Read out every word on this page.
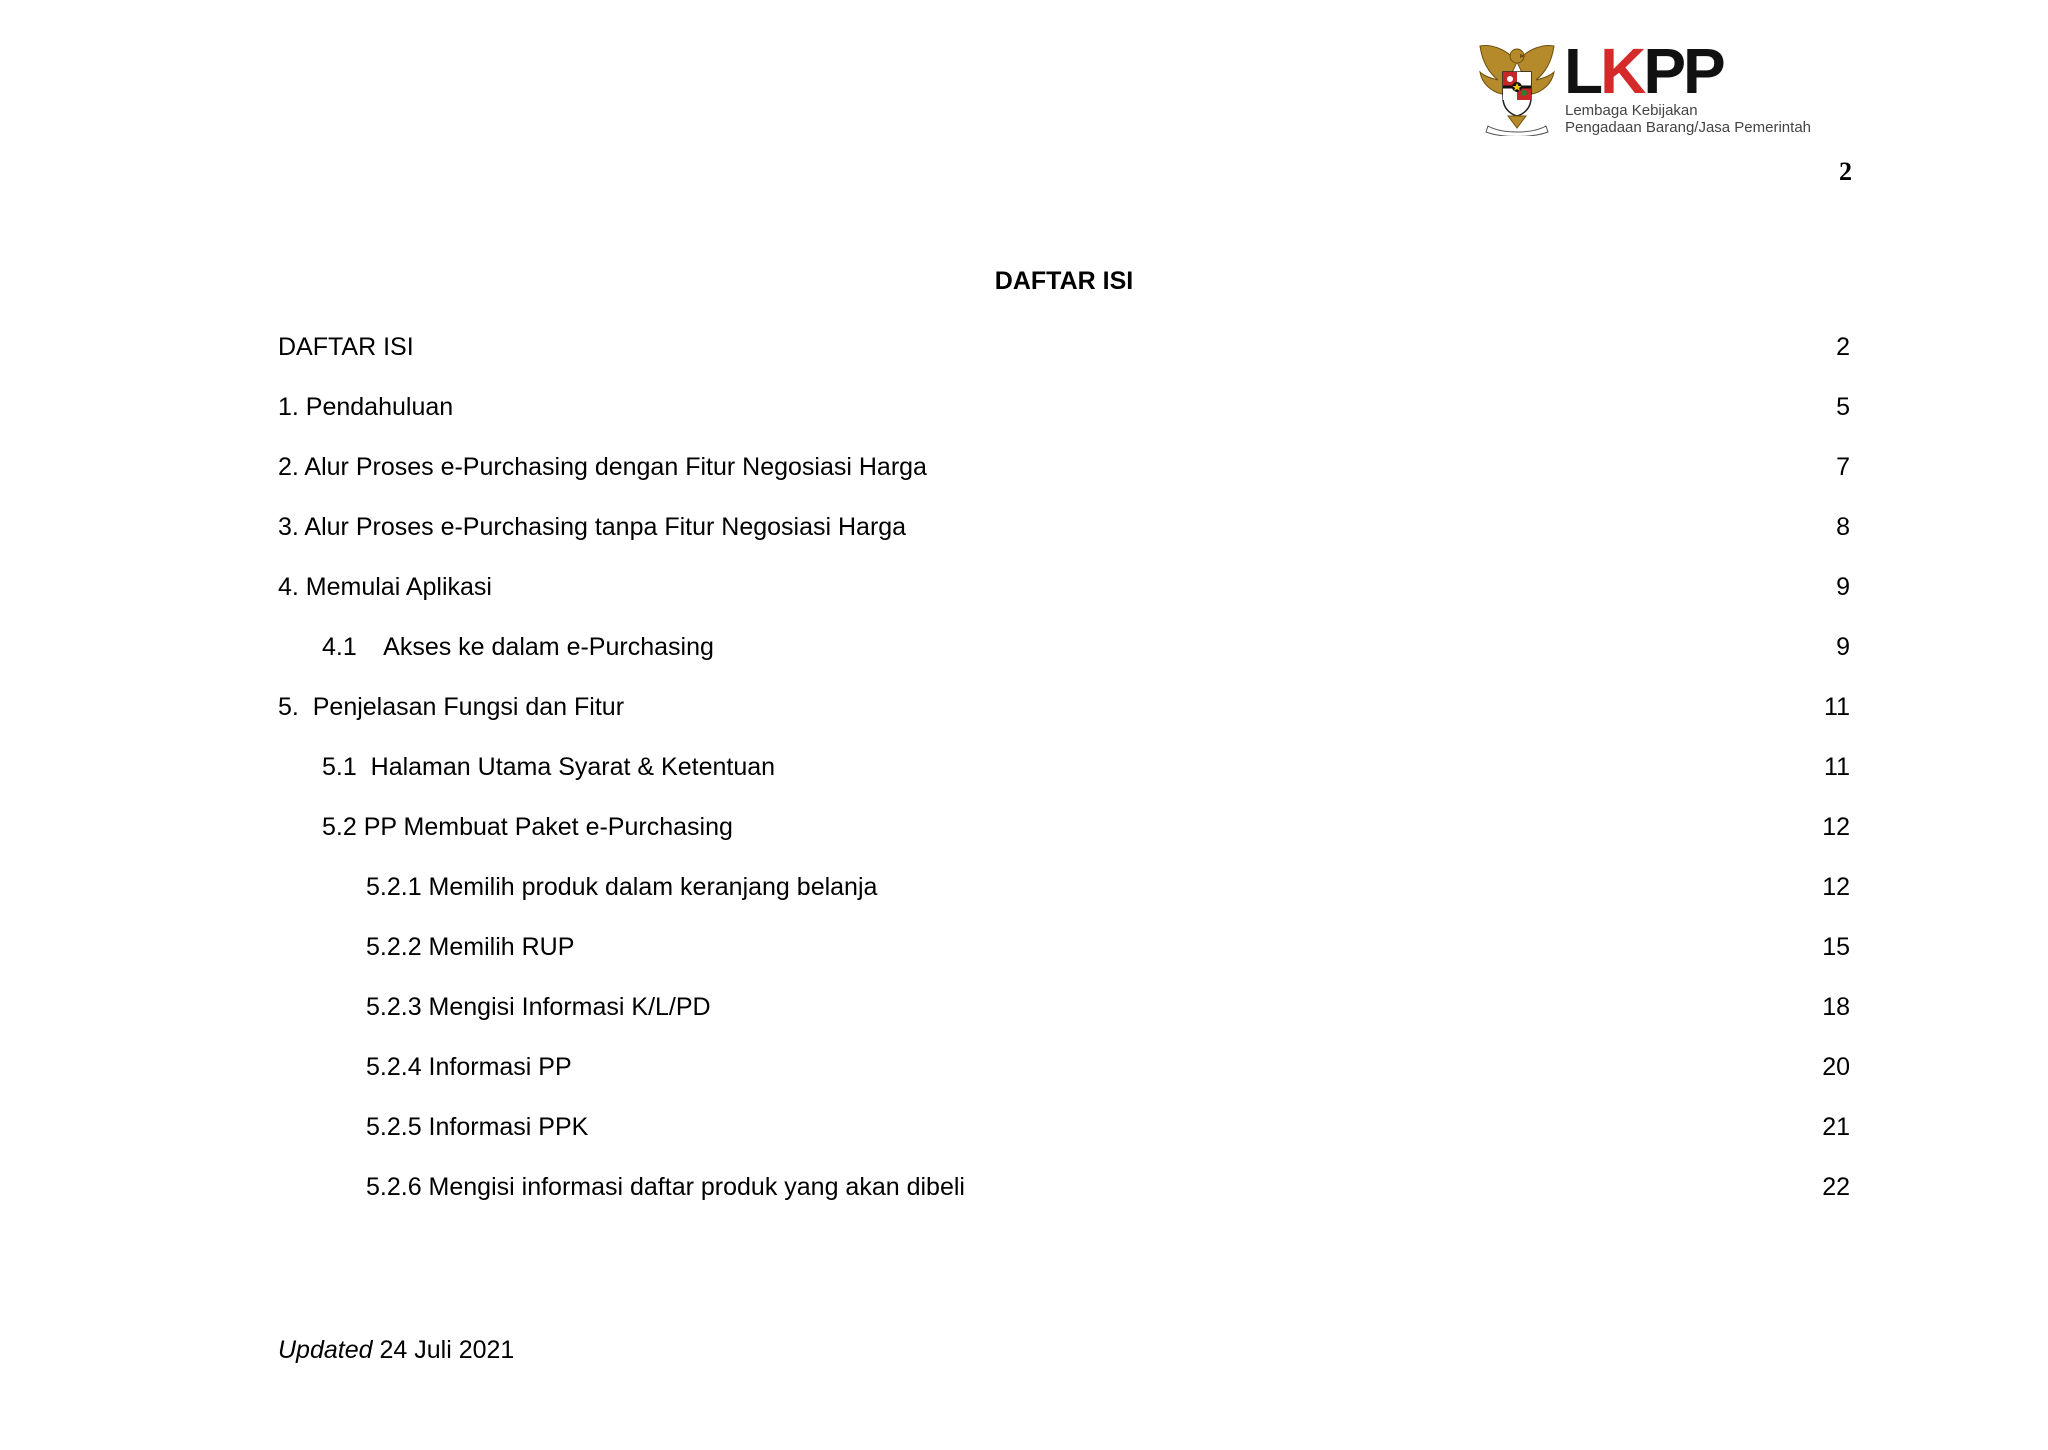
LKPP
Lembaga Kebijakan
Pengadaan Barang/Jasa Pemerintah
2
DAFTAR ISI
DAFTAR ISI	2
1. Pendahuluan	5
2. Alur Proses e-Purchasing dengan Fitur Negosiasi Harga	7
3. Alur Proses e-Purchasing tanpa Fitur Negosiasi Harga	8
4. Memulai Aplikasi	9
4.1    Akses ke dalam e-Purchasing	9
5.  Penjelasan Fungsi dan Fitur	11
5.1  Halaman Utama Syarat & Ketentuan	11
5.2 PP Membuat Paket e-Purchasing	12
5.2.1 Memilih produk dalam keranjang belanja	12
5.2.2 Memilih RUP	15
5.2.3 Mengisi Informasi K/L/PD	18
5.2.4 Informasi PP	20
5.2.5 Informasi PPK	21
5.2.6 Mengisi informasi daftar produk yang akan dibeli	22
Updated 24 Juli 2021
